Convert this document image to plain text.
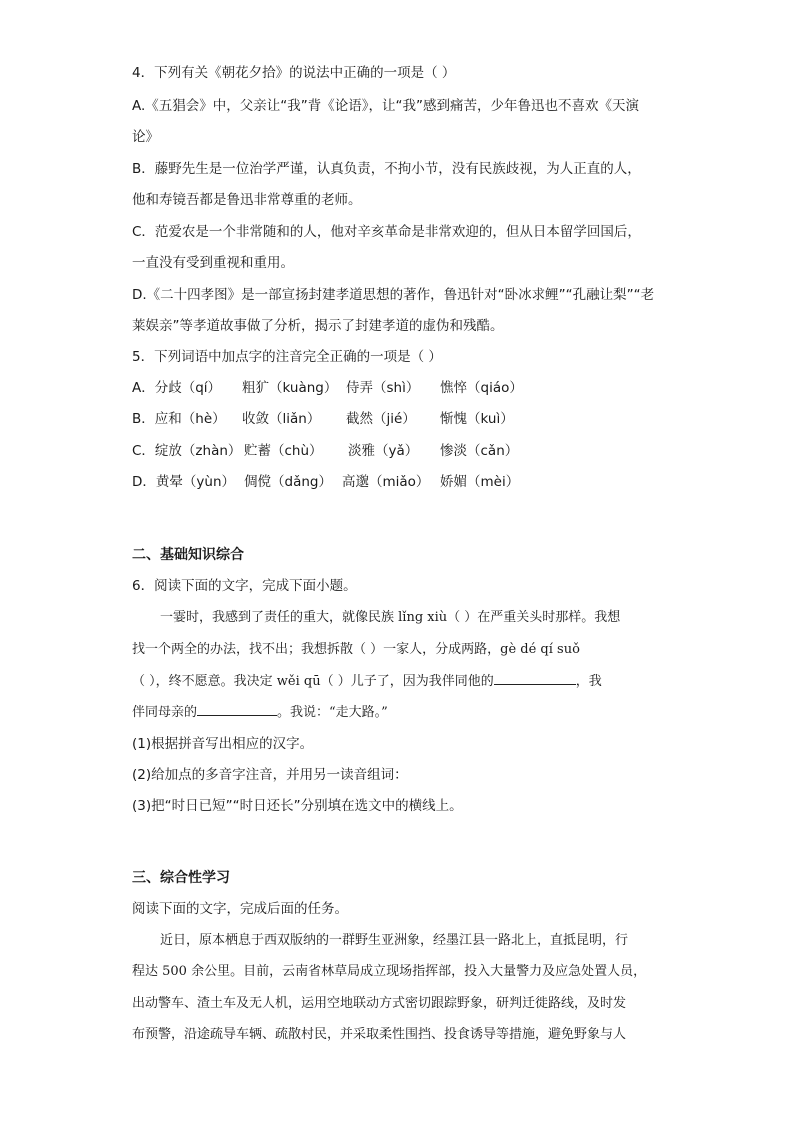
4．下列有关《朝花夕拾》的说法中正确的一项是（ ）
A.《五猖会》中，父亲让“我”背《论语》，让“我”感到痛苦，少年鲁迅也不喜欢《天演
论》
B．藤野先生是一位治学严谨，认真负责，不拘小节，没有民族歧视，为人正直的人，
他和寿镜吾都是鲁迅非常尊重的老师。
C．范爱农是一个非常随和的人，他对辛亥革命是非常欢迎的，但从日本留学回国后，
一直没有受到重视和重用。
D.《二十四孝图》是一部宣扬封建孝道思想的著作，鲁迅针对“卧冰求鲤”“孔融让梨”“老
莱娱亲”等孝道故事做了分析，揭示了封建孝道的虚伪和残酷。
5．下列词语中加点字的注音完全正确的一项是（ ）
A．分歧（qí） 粗犷（kuàng） 侍弄（shì） 憔悴（qiáo）
B．应和（hè） 收敛（liǎn） 截然（jié） 惭愧（kuì）
C．绽放（zhàn） 贮蓄（chù） 淡雅（yǎ） 惨淡（cǎn）
D．黄晕（yùn） 倜傥（dǎng） 高邈（miǎo） 娇媚（mèi）
二、基础知识综合
6．阅读下面的文字，完成下面小题。
一霎时，我感到了责任的重大，就像民族 lǐng xiù（ ）在严重关头时那样。我想
找一个两全的办法，找不出；我想拆散（ ）一家人，分成两路，gè dé qí suǒ
（ ），终不愿意。我决定 wěi qū（ ）儿子了，因为我伴同他的	，我
伴同母亲的	。我说：“走大路。”
(1)根据拼音写出相应的汉字。
(2)给加点的多音字注音，并用另一读音组词：
(3)把“时日已短”“时日还长”分别填在选文中的横线上。
三、综合性学习
阅读下面的文字，完成后面的任务。
近日，原本栖息于西双版纳的一群野生亚洲象，经墨江县一路北上，直抵昆明，行
程达 500 余公里。目前，云南省林草局成立现场指挥部，投入大量警力及应急处置人员，
出动警车、渣土车及无人机，运用空地联动方式密切跟踪野象，研判迁徙路线，及时发
布预警，沿途疏导车辆、疏散村民，并采取柔性围挡、投食诱导等措施，避免野象与人
